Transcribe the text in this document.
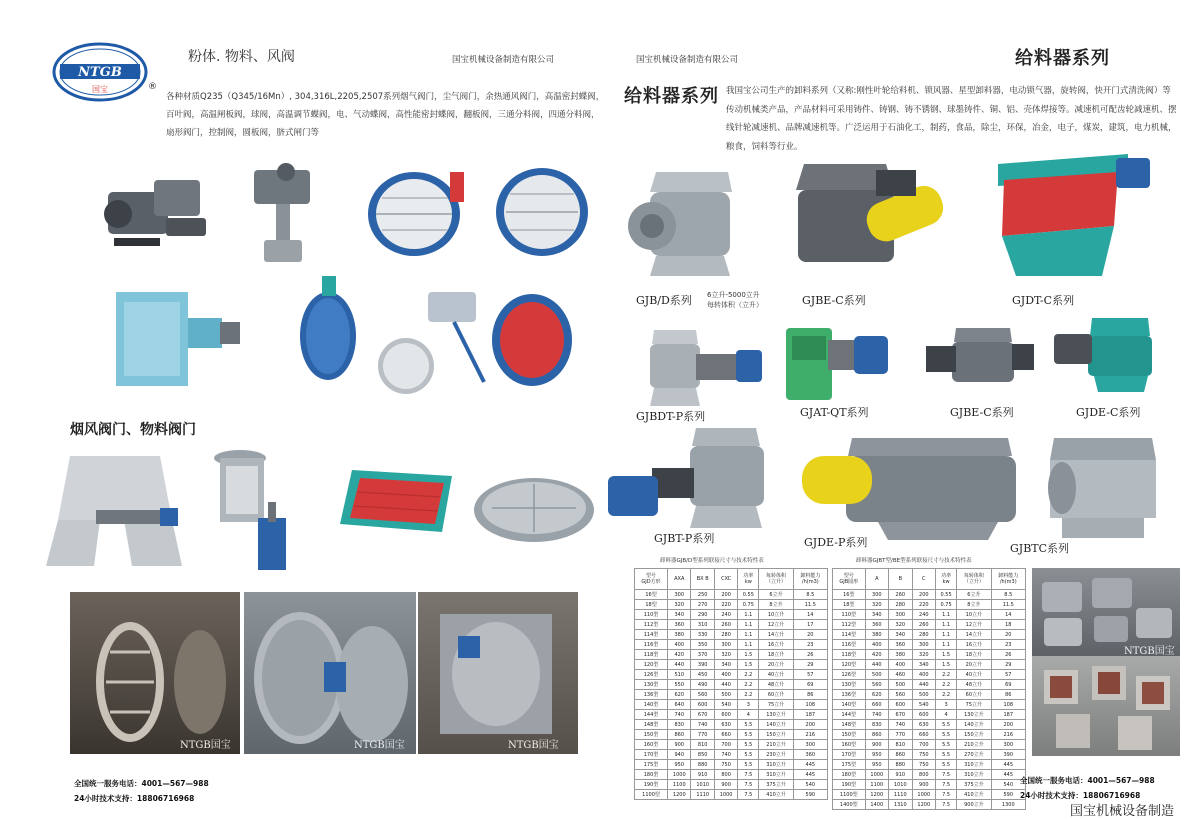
NTGB
国宝	®
粉体. 物料、风阀	国宝机械设备制造有限公司	国宝机械设备制造有限公司	给料器系列
给料器系列
各种材质Q235（Q345/16Mn）, 304,316L,2205,2507系列烟气阀门，尘气阀门，余热通风阀门，高温密封蝶阀，百叶阀，高温闸板阀，球阀，高温调节蝶阀，电、气动蝶阀，高性能密封蝶阀，翻板阀，三通分料阀，四通分料阀，扇形阀门，控制阀，圆板阀，脐式闸门等
我国宝公司生产的卸料系列（又称:刚性叶轮给料机、锁风器、星型卸料器，电动锁气器，旋转阀，快开门式清洗阀）等传动机械类产品，产品材料可采用铸件、铸钢、铸不锈钢、球墨铸件、铜、铝、壳体焊接等。减速机可配齿轮减速机、摆线针轮减速机、品牌减速机等。广泛运用于石油化工，制药，食品，除尘，环保，冶金，电子，煤炭，建筑，电力机械，粮食，饲料等行业。
烟风阀门、物料阀门
NTGB国宝	NTGB国宝	NTGB国宝
GJB/D系列 6立升-5000立升
每转体积（立升）	GJBE-C系列	GJDT-C系列
GJBDT-P系列	GJAT-QT系列	GJBE-C系列	GJDE-C系列
GJBT-P系列	GJDE-P系列	GJBTC系列
卸料器GJB/D型系列联接尺寸与技术特性表
型号
GJD方形	AXA	BX B	CXC	功率
kw	每转体积
（立升）	卸料能力
/h(m3)
16型	300	250	200	0.55	6立升	8.5
18型	320	270	220	0.75	8立升	11.5
110型	340	290	240	1.1	10立升	14
112型	360	310	260	1.1	12立升	17
114型	380	330	280	1.1	14立升	20
116型	400	350	300	1.1	16立升	23
118型	420	370	320	1.5	18立升	26
120型	440	390	340	1.5	20立升	29
126型	510	450	400	2.2	40立升	57
130型	550	490	440	2.2	48立升	69
136型	620	560	500	2.2	60立升	86
140型	640	600	540	3	75立升	108
144型	740	670	600	4	130立升	187
148型	830	740	630	5.5	140立升	200
150型	860	770	660	5.5	150立升	216
160型	900	810	700	5.5	210立升	300
170型	940	850	740	5.5	230立升	360
175型	950	880	750	5.5	310立升	445
180型	1000	910	800	7.5	310立升	445
190型	1100	1010	900	7.5	375立升	540
1100型	1200	1110	1000	7.5	410立升	590
卸料器GJBT型/BE型系列联接尺寸与技术特性表
型号
GJB圆形	A	B	C	功率
kw	每转体积
（立升）	卸料能力
/h(m3)
16型	300	260	200	0.55	6立升	8.5
18型	320	280	220	0.75	8立升	11.5
110型	340	300	240	1.1	10立升	14
112型	360	320	260	1.1	12立升	18
114型	380	340	280	1.1	14立升	20
116型	400	360	300	1.1	16立升	23
118型	420	380	320	1.5	18立升	26
120型	440	400	340	1.5	20立升	29
126型	500	460	400	2.2	40立升	57
130型	560	500	440	2.2	48立升	69
136型	620	560	500	2.2	60立升	86
140型	660	600	540	3	75立升	108
144型	740	670	600	4	130立升	187
148型	830	740	630	5.5	140立升	200
150型	860	770	660	5.5	150立升	216
160型	900	810	700	5.5	210立升	300
170型	950	860	750	5.5	270立升	390
175型	950	880	750	5.5	310立升	445
180型	1000	910	800	7.5	310立升	445
190型	1100	1010	900	7.5	375立升	540
1100型	1200	1110	1000	7.5	410立升	590
1400型	1400	1310	1200	7.5	900立升	1300
NTGB国宝
全国统一服务电话：4001—567—988
24小时技术支持：18806716968
全国统一服务电话：4001—567—988
24小时技术支持：18806716968
国宝机械设备制造
